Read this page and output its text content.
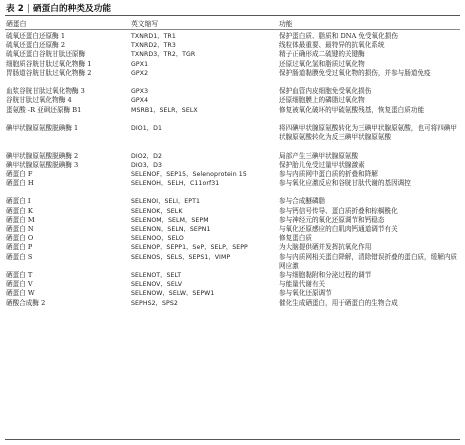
表 2 | 硒蛋白的种类及功能
硒蛋白	英文缩写	功能
硫氧还蛋白还原酶 1	TXNRD1，TR1	保护蛋白质、脂质和 DNA 免受氧化损伤
硫氧还蛋白还原酶 2	TXNRD2，TR3	线粒体最重要、最特异的抗氧化系统
硫氧还蛋白谷胱甘肽还原酶	TXNRD3，TR2，TGR	精子正确形成二硫键的关键酶
细胞质谷胱甘肽过氧化物酶 1	GPX1	还原过氧化氢和脂质过氧化物
胃肠道谷胱甘肽过氧化物酶 2	GPX2	保护肠道黏膜免受过氧化物的损伤，并参与肠道免疫
血浆谷胱甘肽过氧化物酶 3	GPX3	保护血管内皮细胞免受氧化损伤
谷胱甘肽过氧化物酶 4	GPX4	还原细胞膜上的磷脂过氧化物
蛋氨酸 -R 亚砜还原酶 B1	MSRB1，SELR，SELX	修复被氧化破坏的甲硫氨酸残基，恢复蛋白质功能
碘甲状腺原氨酸脱碘酶 1	DIO1，D1	将四碘甲状腺原氨酸转化为三碘甲状腺原氨酸，也可将四碘甲状腺原氨酸转化为反三碘甲状腺原氨酸
碘甲状腺原氨酸脱碘酶 2	DIO2，D2	局部产生三碘甲状腺原氨酸
碘甲状腺原氨酸脱碘酶 3	DIO3，D3	保护胎儿免受过量甲状腺激素
硒蛋白 F	SELENOF，SEP15，Selenoprotein 15	参与内质网中蛋白质的折叠和降解
硒蛋白 H	SELENOH，SELH，C11orf31	参与氧化应激反应和谷胱甘肽代谢的基因调控
硒蛋白 I	SELENOI，SELI，EPT1	参与合成醚磷脂
硒蛋白 K	SELENOK，SELK	参与钙信号传导、蛋白质折叠和棕榈酰化
硒蛋白 M	SELENOM，SELM，SEPM	参与神经元的氧化还原调节和钙稳态
硒蛋白 N	SELENON，SELN，SEPN1	与氧化还原感应的白肌肉钙通道调节有关
硒蛋白 O	SELENOO，SELO	修复蛋白质
硒蛋白 P	SELENOP，SEPP1，SeP，SELP，SEPP	为大脑提供硒并发挥抗氧化作用
硒蛋白 S	SELENOS，SELS，SEPS1，VIMP	参与内质网相关蛋白降解，清除错误折叠的蛋白质，缓解内质网应激
硒蛋白 T	SELENOT，SELT	参与细胞黏附和分泌过程的调节
硒蛋白 V	SELENOV，SELV	与能量代谢有关
硒蛋白 W	SELENOW，SELW，SEPW1	参与氧化还原调节
硒酸合成酶 2	SEPHS2，SPS2	催化生成硒蛋白，用于硒蛋白的生物合成
